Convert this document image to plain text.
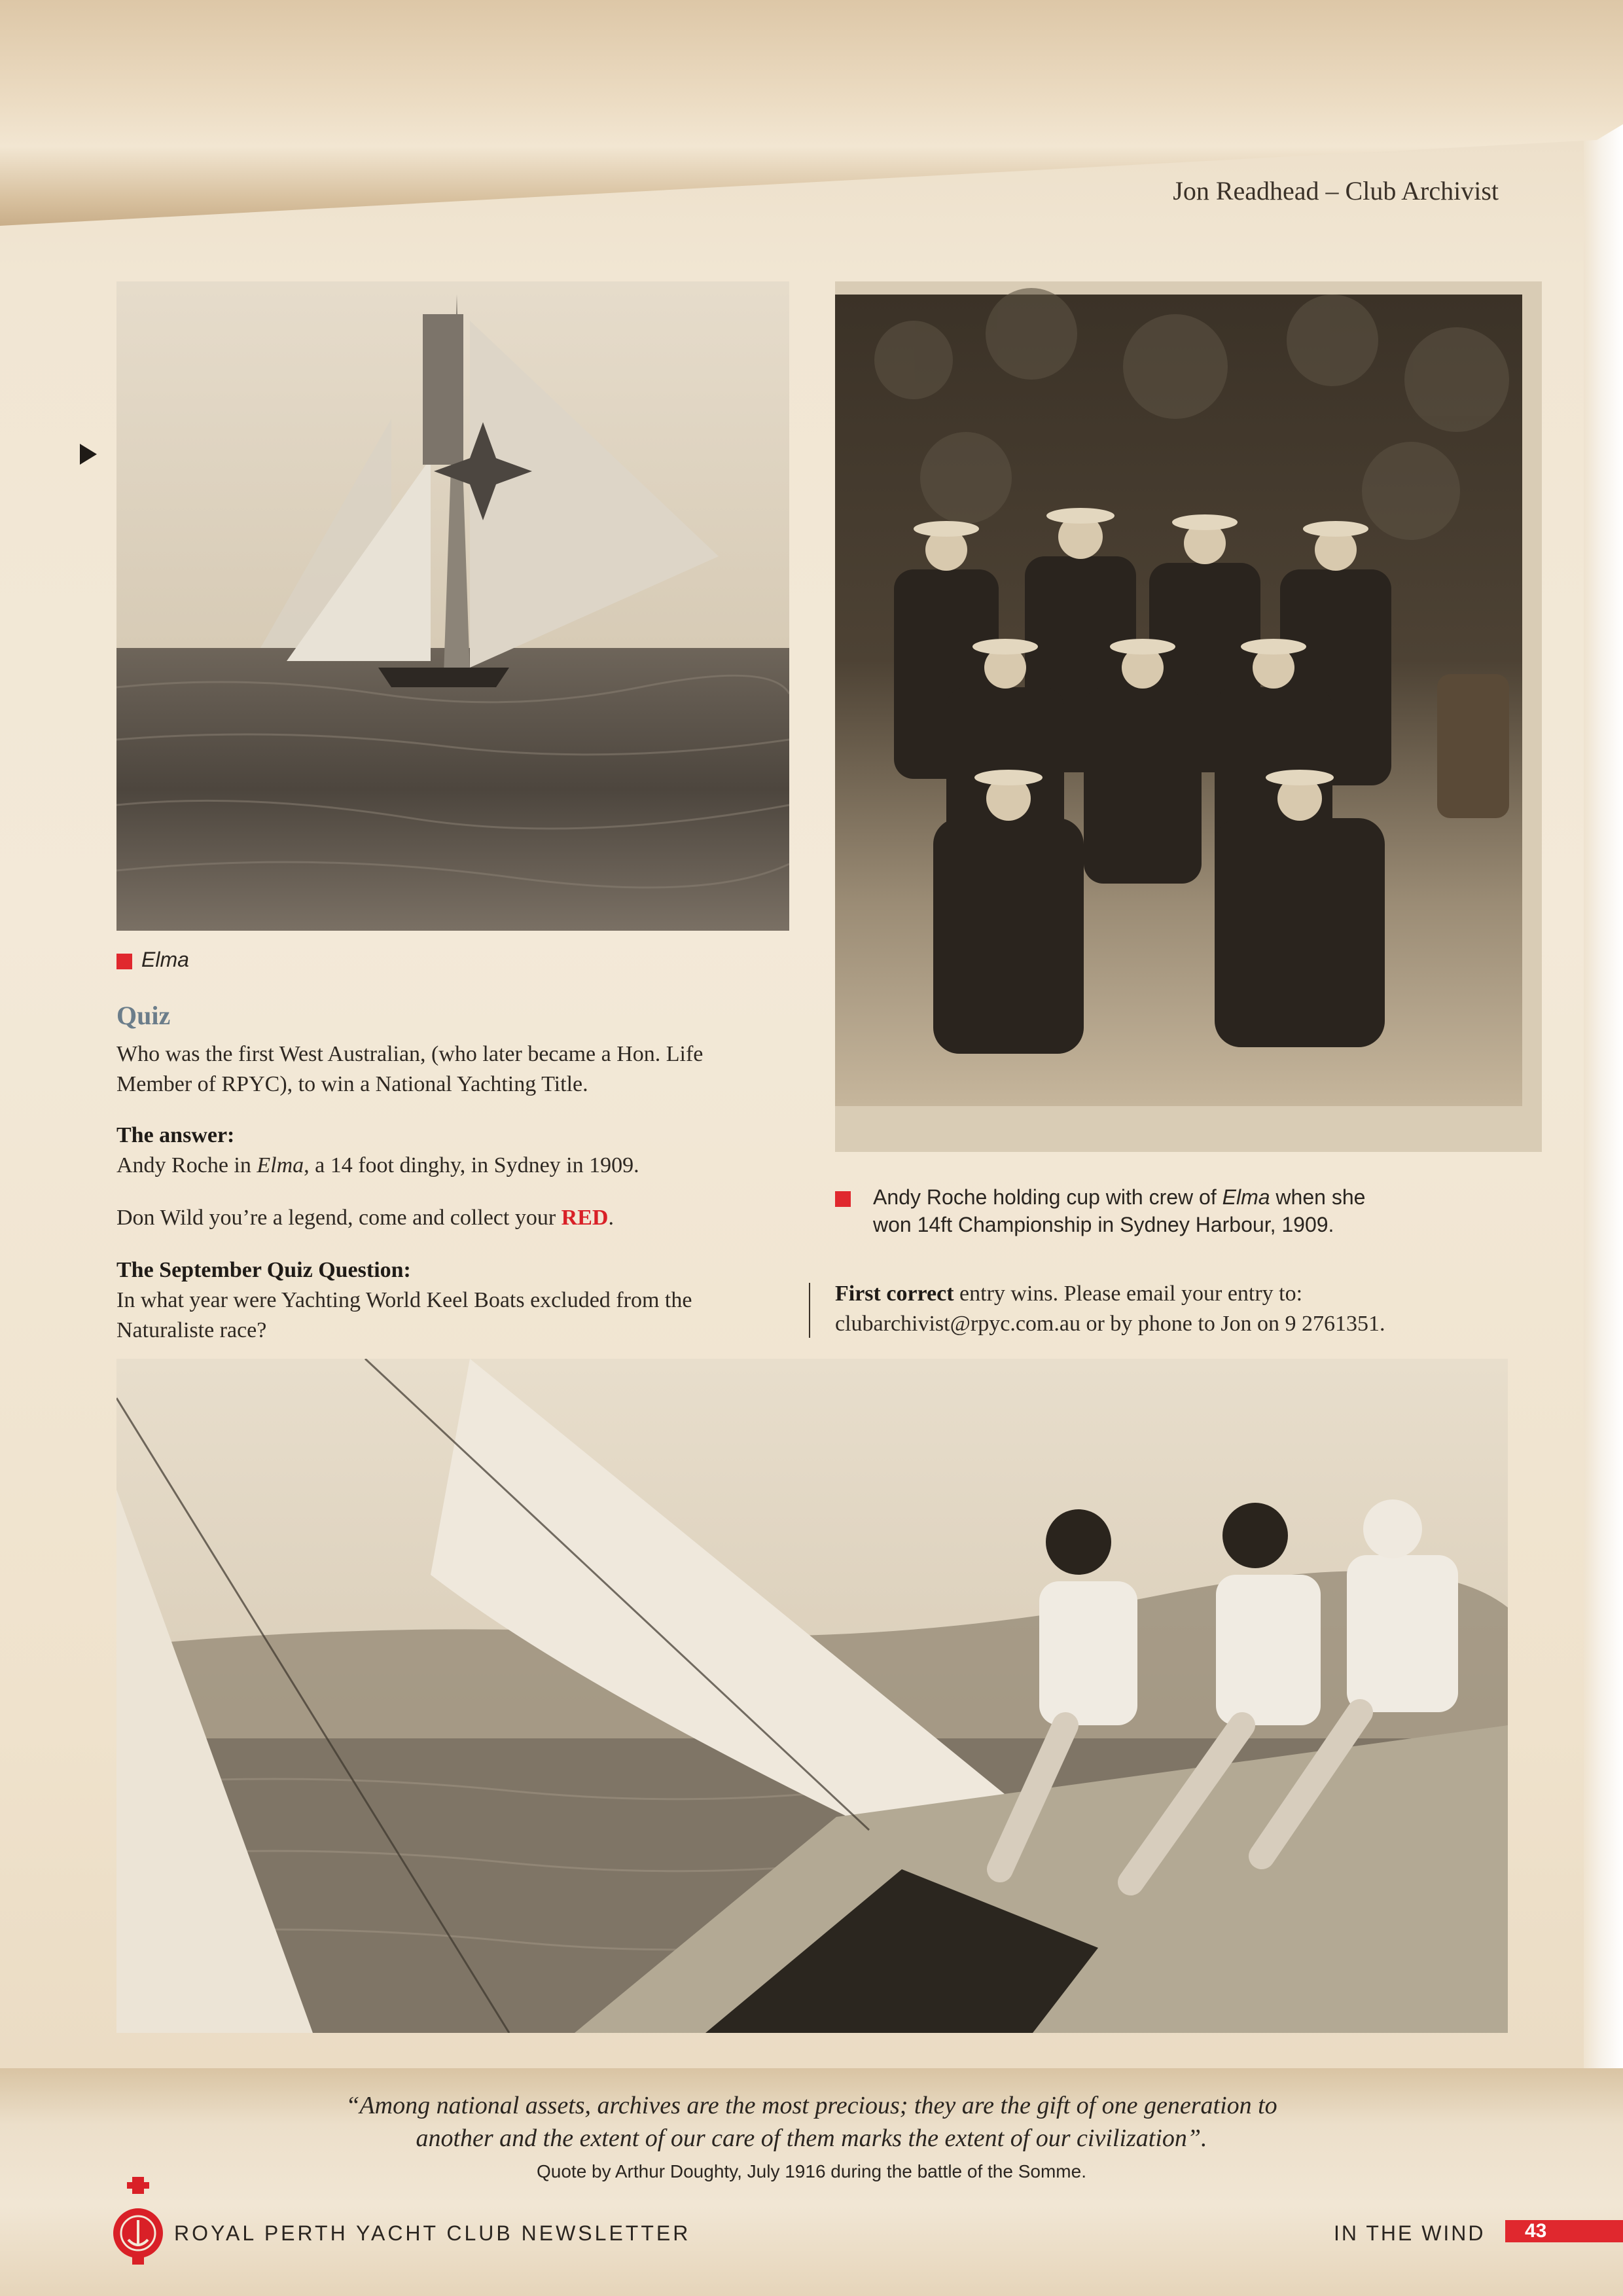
Jon Readhead – Club Archivist
Elma
Andy Roche holding cup with crew of Elma when she
won 14ft Championship in Sydney Harbour, 1909.
Quiz
Who was the first West Australian, (who later became a Hon. Life
Member of RPYC), to win a National Yachting Title.
The answer:
Andy Roche in Elma, a 14 foot dinghy, in Sydney in 1909.
Don Wild you’re a legend, come and collect your RED.
The September Quiz Question:
In what year were Yachting World Keel Boats excluded from the
Naturaliste race?
First correct entry wins. Please email your entry to:
clubarchivist@rpyc.com.au or by phone to Jon on 9 2761351.
“Among national assets, archives are the most precious; they are the gift of one generation to
another and the extent of our care of them marks the extent of our civilization”.
Quote by Arthur Doughty, July 1916 during the battle of the Somme.
ROYAL PERTH YACHT CLUB NEWSLETTER	IN THE WIND	43
